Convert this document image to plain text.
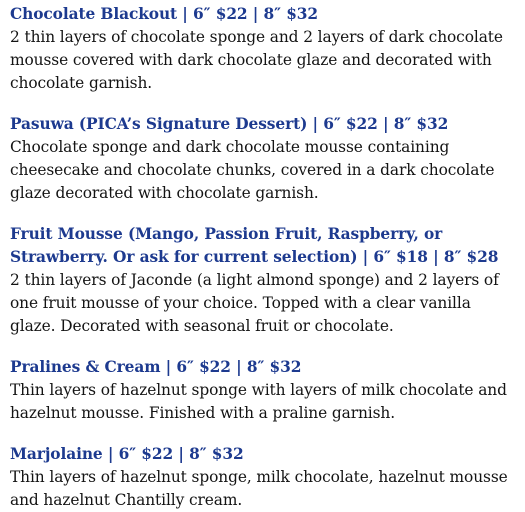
Chocolate Blackout | 6″ $22 | 8″ $32
2 thin layers of chocolate sponge and 2 layers of dark chocolate mousse covered with dark chocolate glaze and decorated with chocolate garnish.
Pasuwa (PICA’s Signature Dessert) | 6″ $22 | 8″ $32
Chocolate sponge and dark chocolate mousse containing cheesecake and chocolate chunks, covered in a dark chocolate glaze decorated with chocolate garnish.
Fruit Mousse (Mango, Passion Fruit, Raspberry, or Strawberry. Or ask for current selection) | 6″ $18 | 8″ $28
2 thin layers of Jaconde (a light almond sponge) and 2 layers of one fruit mousse of your choice. Topped with a clear vanilla glaze. Decorated with seasonal fruit or chocolate.
Pralines & Cream | 6″ $22 | 8″ $32
Thin layers of hazelnut sponge with layers of milk chocolate and hazelnut mousse. Finished with a praline garnish.
Marjolaine | 6″ $22 | 8″ $32
Thin layers of hazelnut sponge, milk chocolate, hazelnut mousse and hazelnut Chantilly cream.
